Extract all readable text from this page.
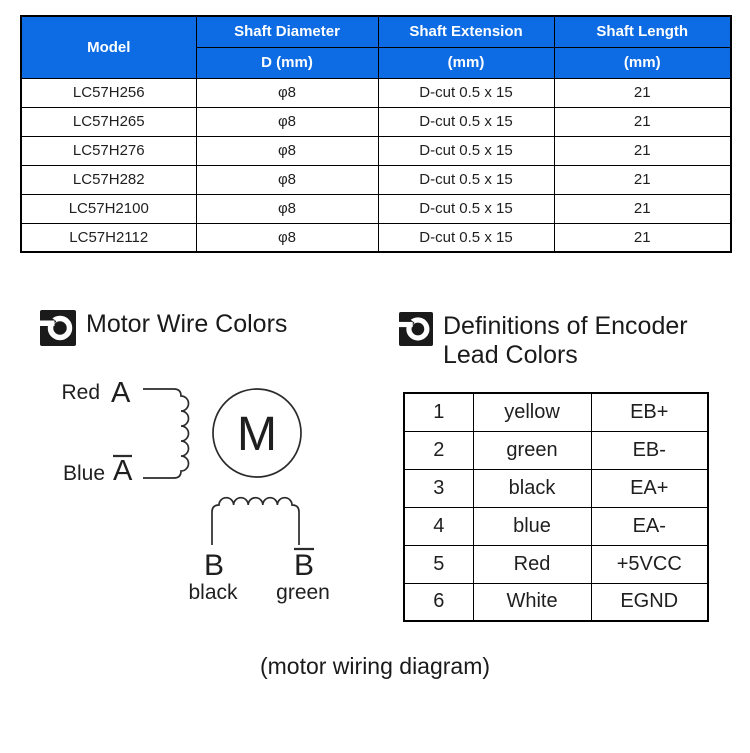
Model	Shaft Diameter	Shaft Extension	Shaft Length
	D (mm)	(mm)	(mm)
LC57H256	φ8	D-cut 0.5 x 15	21
LC57H265	φ8	D-cut 0.5 x 15	21
LC57H276	φ8	D-cut 0.5 x 15	21
LC57H282	φ8	D-cut 0.5 x 15	21
LC57H2100	φ8	D-cut 0.5 x 15	21
LC57H2112	φ8	D-cut 0.5 x 15	21
Motor Wire Colors	Definitions of Encoder
Lead Colors
Red A
Blue A
M
B B
black green
1	yellow	EB+
2	green	EB-
3	black	EA+
4	blue	EA-
5	Red	+5VCC
6	White	EGND
(motor wiring diagram)
